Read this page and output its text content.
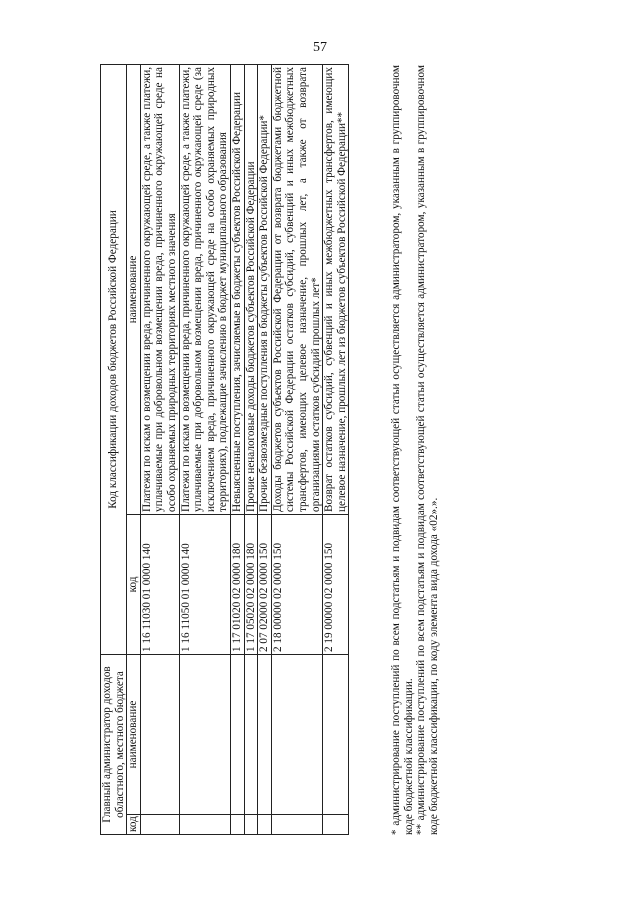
57
Главный администратор доходов областного, местного бюджета		Код классификации доходов бюджетов Российской Федерации	
код	наименование	код	наименование
		1 16 11030 01 0000 140	Платежи по искам о возмещении вреда, причиненного окружающей среде, а также платежи, уплачиваемые при добровольном возмещении вреда, причиненного окружающей среде на особо охраняемых природных территориях местного значения
		1 16 11050 01 0000 140	Платежи по искам о возмещении вреда, причиненного окружающей среде, а также платежи, уплачиваемые при добровольном возмещении вреда, причиненного окружающей среде (за исключением вреда, причиненного окружающей среде на особо охраняемых природных территориях), подлежащие зачислению в бюджет муниципального образования
		1 17 01020 02 0000 180	Невыясненные поступления, зачисляемые в бюджеты субъектов Российской Федерации
		1 17 05020 02 0000 180	Прочие неналоговые доходы бюджетов субъектов Российской Федерации
		2 07 02000 02 0000 150	Прочие безвозмездные поступления в бюджеты субъектов Российской Федерации*
		2 18 00000 02 0000 150	Доходы бюджетов субъектов Российской Федерации от возврата бюджетами бюджетной системы Российской Федерации остатков субсидий, субвенций и иных межбюджетных трансфертов, имеющих целевое назначение, прошлых лет, а также от возврата организациями остатков субсидий прошлых лет*
		2 19 00000 02 0000 150	Возврат остатков субсидий, субвенций и иных межбюджетных трансфертов, имеющих целевое назначение, прошлых лет из бюджетов субъектов Российской Федерации**	* администрирование поступлений по всем подстатьям и подвидам соответствующей статьи осуществляется администратором, указанным в группировочном коде бюджетной классификации. ** администрирование поступлений по всем подстатьям и подвидам соответствующей статьи осуществляется администратором, указанным в группировочном коде бюджетной классификации, по коду элемента вида дохода «02».».
